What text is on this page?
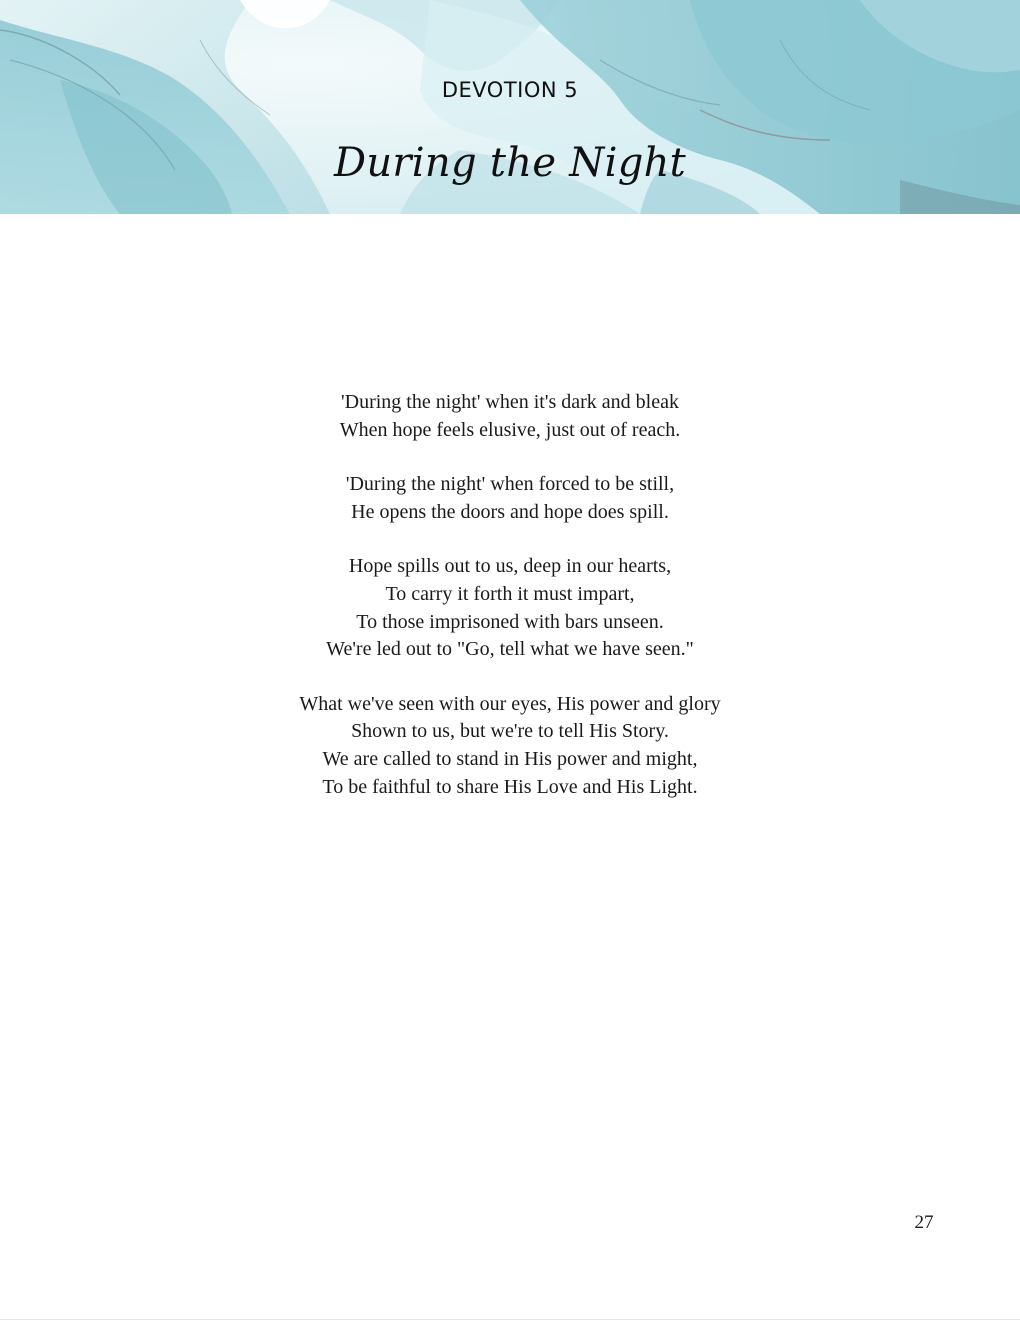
DEVOTION 5
During the Night
'During the night' when it's dark and bleak
When hope feels elusive, just out of reach.
'During the night' when forced to be still,
He opens the doors and hope does spill.
Hope spills out to us, deep in our hearts,
To carry it forth it must impart,
To those imprisoned with bars unseen.
We're led out to "Go, tell what we have seen."
What we've seen with our eyes, His power and glory
Shown to us, but we're to tell His Story.
We are called to stand in His power and might,
To be faithful to share His Love and His Light.
27
